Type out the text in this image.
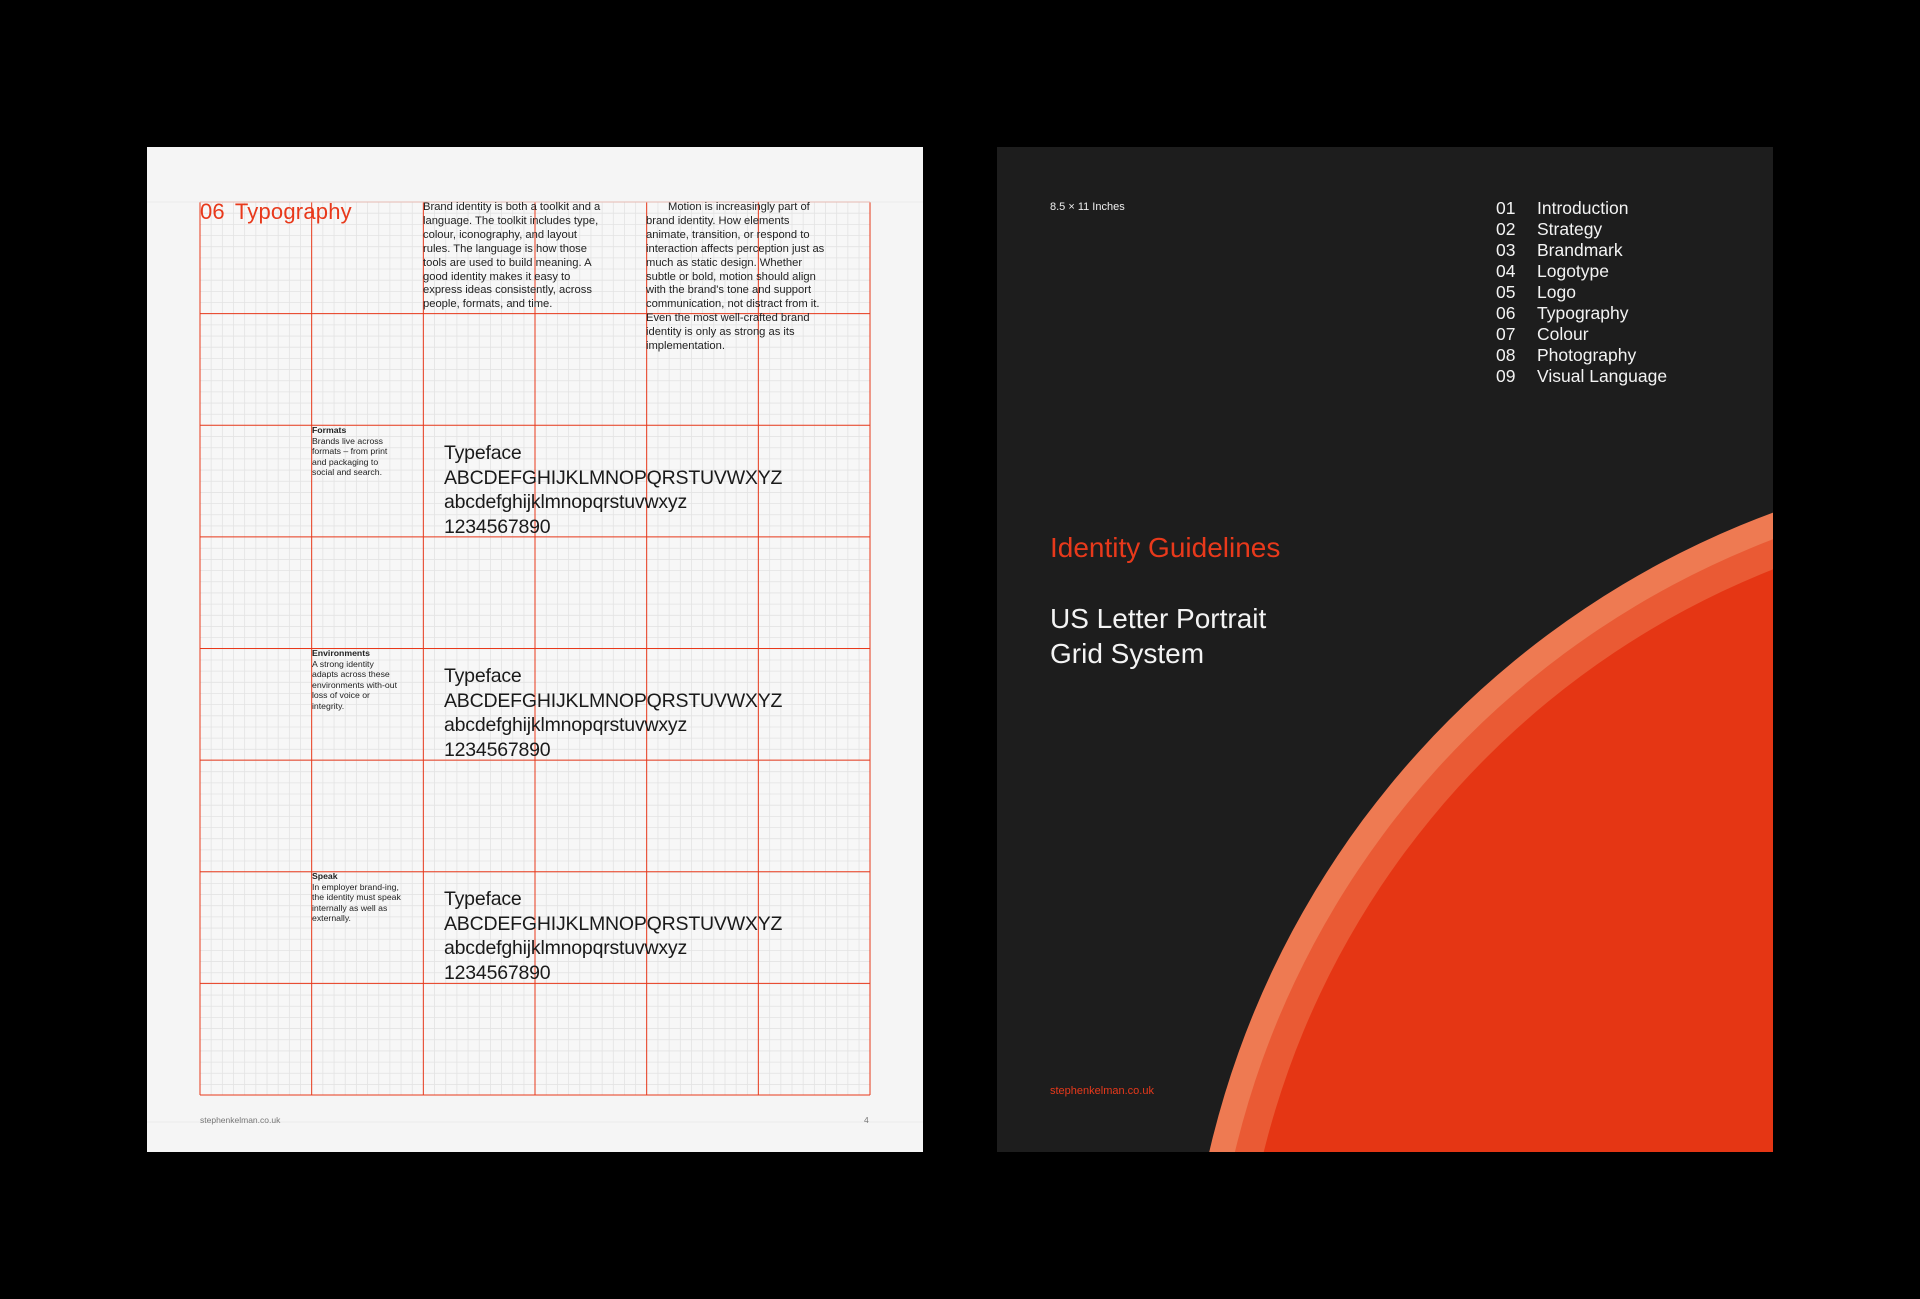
06 Typography	Brand identity is both a toolkit and a language. The toolkit includes type, colour, iconography, and layout rules. The language is how those tools are used to build meaning. A good identity makes it easy to express ideas consistently, across people, formats, and time.
Motion is increasingly part of brand identity. How elements animate, transition, or respond to interaction affects perception just as much as static design. Whether subtle or bold, motion should align with the brand's tone and support communication, not distract from it. Even the most well-crafted brand identity is only as strong as its implementation.
Formats
Brands live across formats – from print and packaging to social and search.
Environments
A strong identity adapts across these environments with-out loss of voice or integrity.
Speak
In employer brand-ing, the identity must speak internally as well as externally.
Typeface
ABCDEFGHIJKLMNOPQRSTUVWXYZ
abcdefghijklmnopqrstuvwxyz
1234567890
Typeface
ABCDEFGHIJKLMNOPQRSTUVWXYZ
abcdefghijklmnopqrstuvwxyz
1234567890
Typeface
ABCDEFGHIJKLMNOPQRSTUVWXYZ
abcdefghijklmnopqrstuvwxyz
1234567890
stephenkelman.co.uk	4
8.5 × 11 Inches	01	Introduction
02	Strategy
03	Brandmark
04	Logotype
05	Logo
06	Typography
07	Colour
08	Photography
09	Visual Language
Identity Guidelines
US Letter Portrait
Grid System
stephenkelman.co.uk
